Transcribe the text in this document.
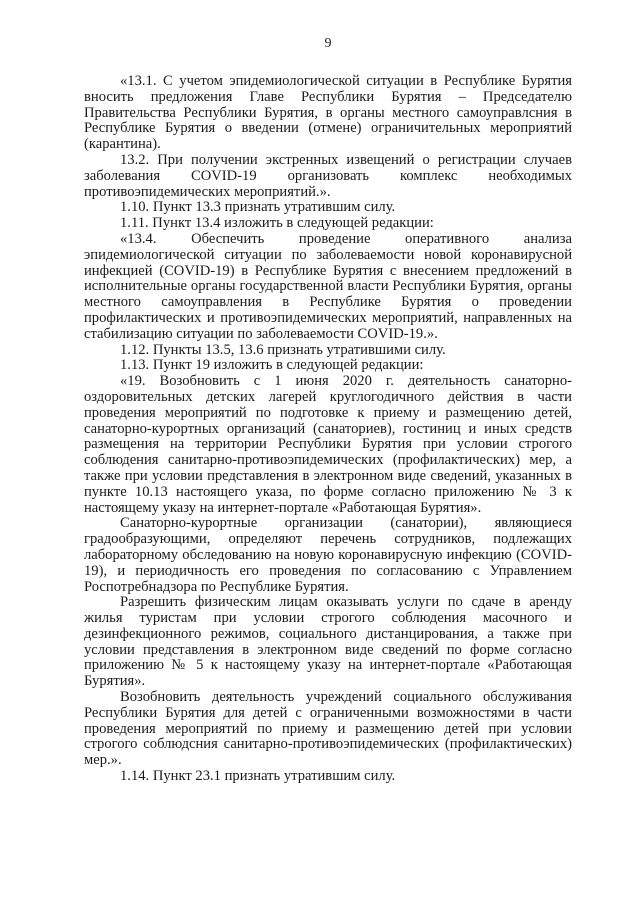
9

«13.1. С учетом эпидемиологической ситуации в Республике Бурятия вносить предложения Главе Республики Бурятия – Председателю Правительства Республики Бурятия, в органы местного самоуправлсния в Республике Бурятия о введении (отмене) ограничительных мероприятий (карантина).

13.2. При получении экстренных извещений о регистрации случаев заболевания COVID-19 организовать комплекс необходимых противоэпидемических мероприятий.».

1.10. Пункт 13.3 признать утратившим силу.

1.11. Пункт 13.4 изложить в следующей редакции:

«13.4. Обеспечить проведение оперативного анализа эпидемиологической ситуации по заболеваемости новой коронавирусной инфекцией (COVID-19) в Республике Бурятия с внесением предложений в исполнительные органы государственной власти Республики Бурятия, органы местного самоуправления в Республике Бурятия о проведении профилактических и противоэпидемических мероприятий, направленных на стабилизацию ситуации по заболеваемости COVID-19.».

1.12. Пункты 13.5, 13.6 признать утратившими силу.

1.13. Пункт 19 изложить в следующей редакции:

«19. Возобновить с 1 июня 2020 г. деятельность санаторно-оздоровительных детских лагерей круглогодичного действия в части проведения мероприятий по подготовке к приему и размещению детей, санаторно-курортных организаций (санаториев), гостиниц и иных средств размещения на территории Республики Бурятия при условии строгого соблюдения санитарно-противоэпидемических (профилактических) мер, а также при условии представления в электронном виде сведений, указанных в пункте 10.13 настоящего указа, по форме согласно приложению № 3 к настоящему указу на интернет-портале «Работающая Бурятия».

Санаторно-курортные организации (санатории), являющиеся градообразующими, определяют перечень сотрудников, подлежащих лабораторному обследованию на новую коронавирусную инфекцию (COVID-19), и периодичность его проведения по согласованию с Управлением Роспотребнадзора по Республике Бурятия.

Разрешить физическим лицам оказывать услуги по сдаче в аренду жилья туристам при условии строгого соблюдения масочного и дезинфекционного режимов, социального дистанцирования, а также при условии представления в электронном виде сведений по форме согласно приложению № 5 к настоящему указу на интернет-портале «Работающая Бурятия».

Возобновить деятельность учреждений социального обслуживания Республики Бурятия для детей с ограниченными возможностями в части проведения мероприятий по приему и размещению детей при условии строгого соблюдсния санитарно-противоэпидемических (профилактических) мер.».

1.14. Пункт 23.1 признать утратившим силу.
